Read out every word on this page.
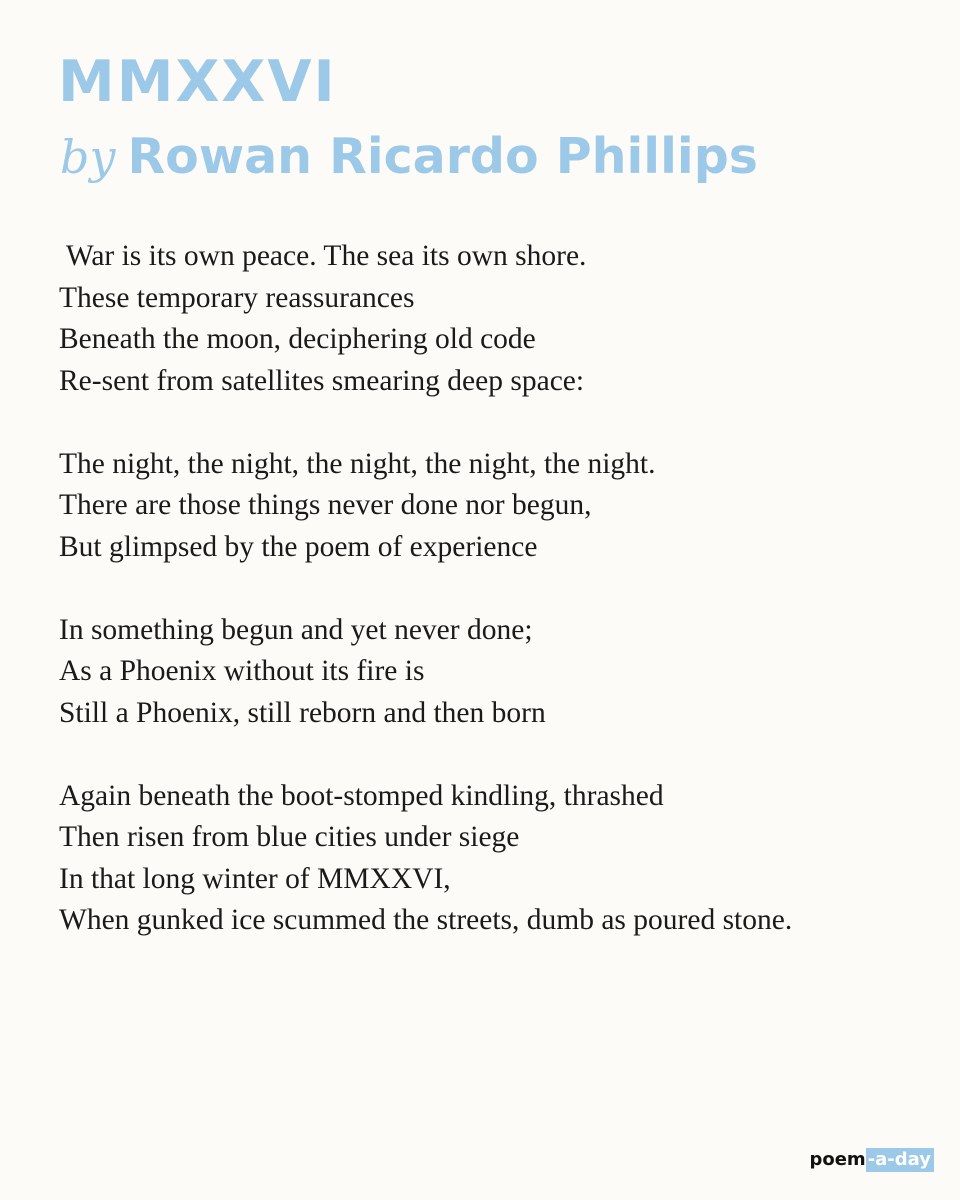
MMXXVI
by Rowan Ricardo Phillips
War is its own peace. The sea its own shore.
These temporary reassurances
Beneath the moon, deciphering old code
Re-sent from satellites smearing deep space:
The night, the night, the night, the night, the night.
There are those things never done nor begun,
But glimpsed by the poem of experience
In something begun and yet never done;
As a Phoenix without its fire is
Still a Phoenix, still reborn and then born
Again beneath the boot-stomped kindling, thrashed
Then risen from blue cities under siege
In that long winter of MMXXVI,
When gunked ice scummed the streets, dumb as poured stone.
poem -a-day
